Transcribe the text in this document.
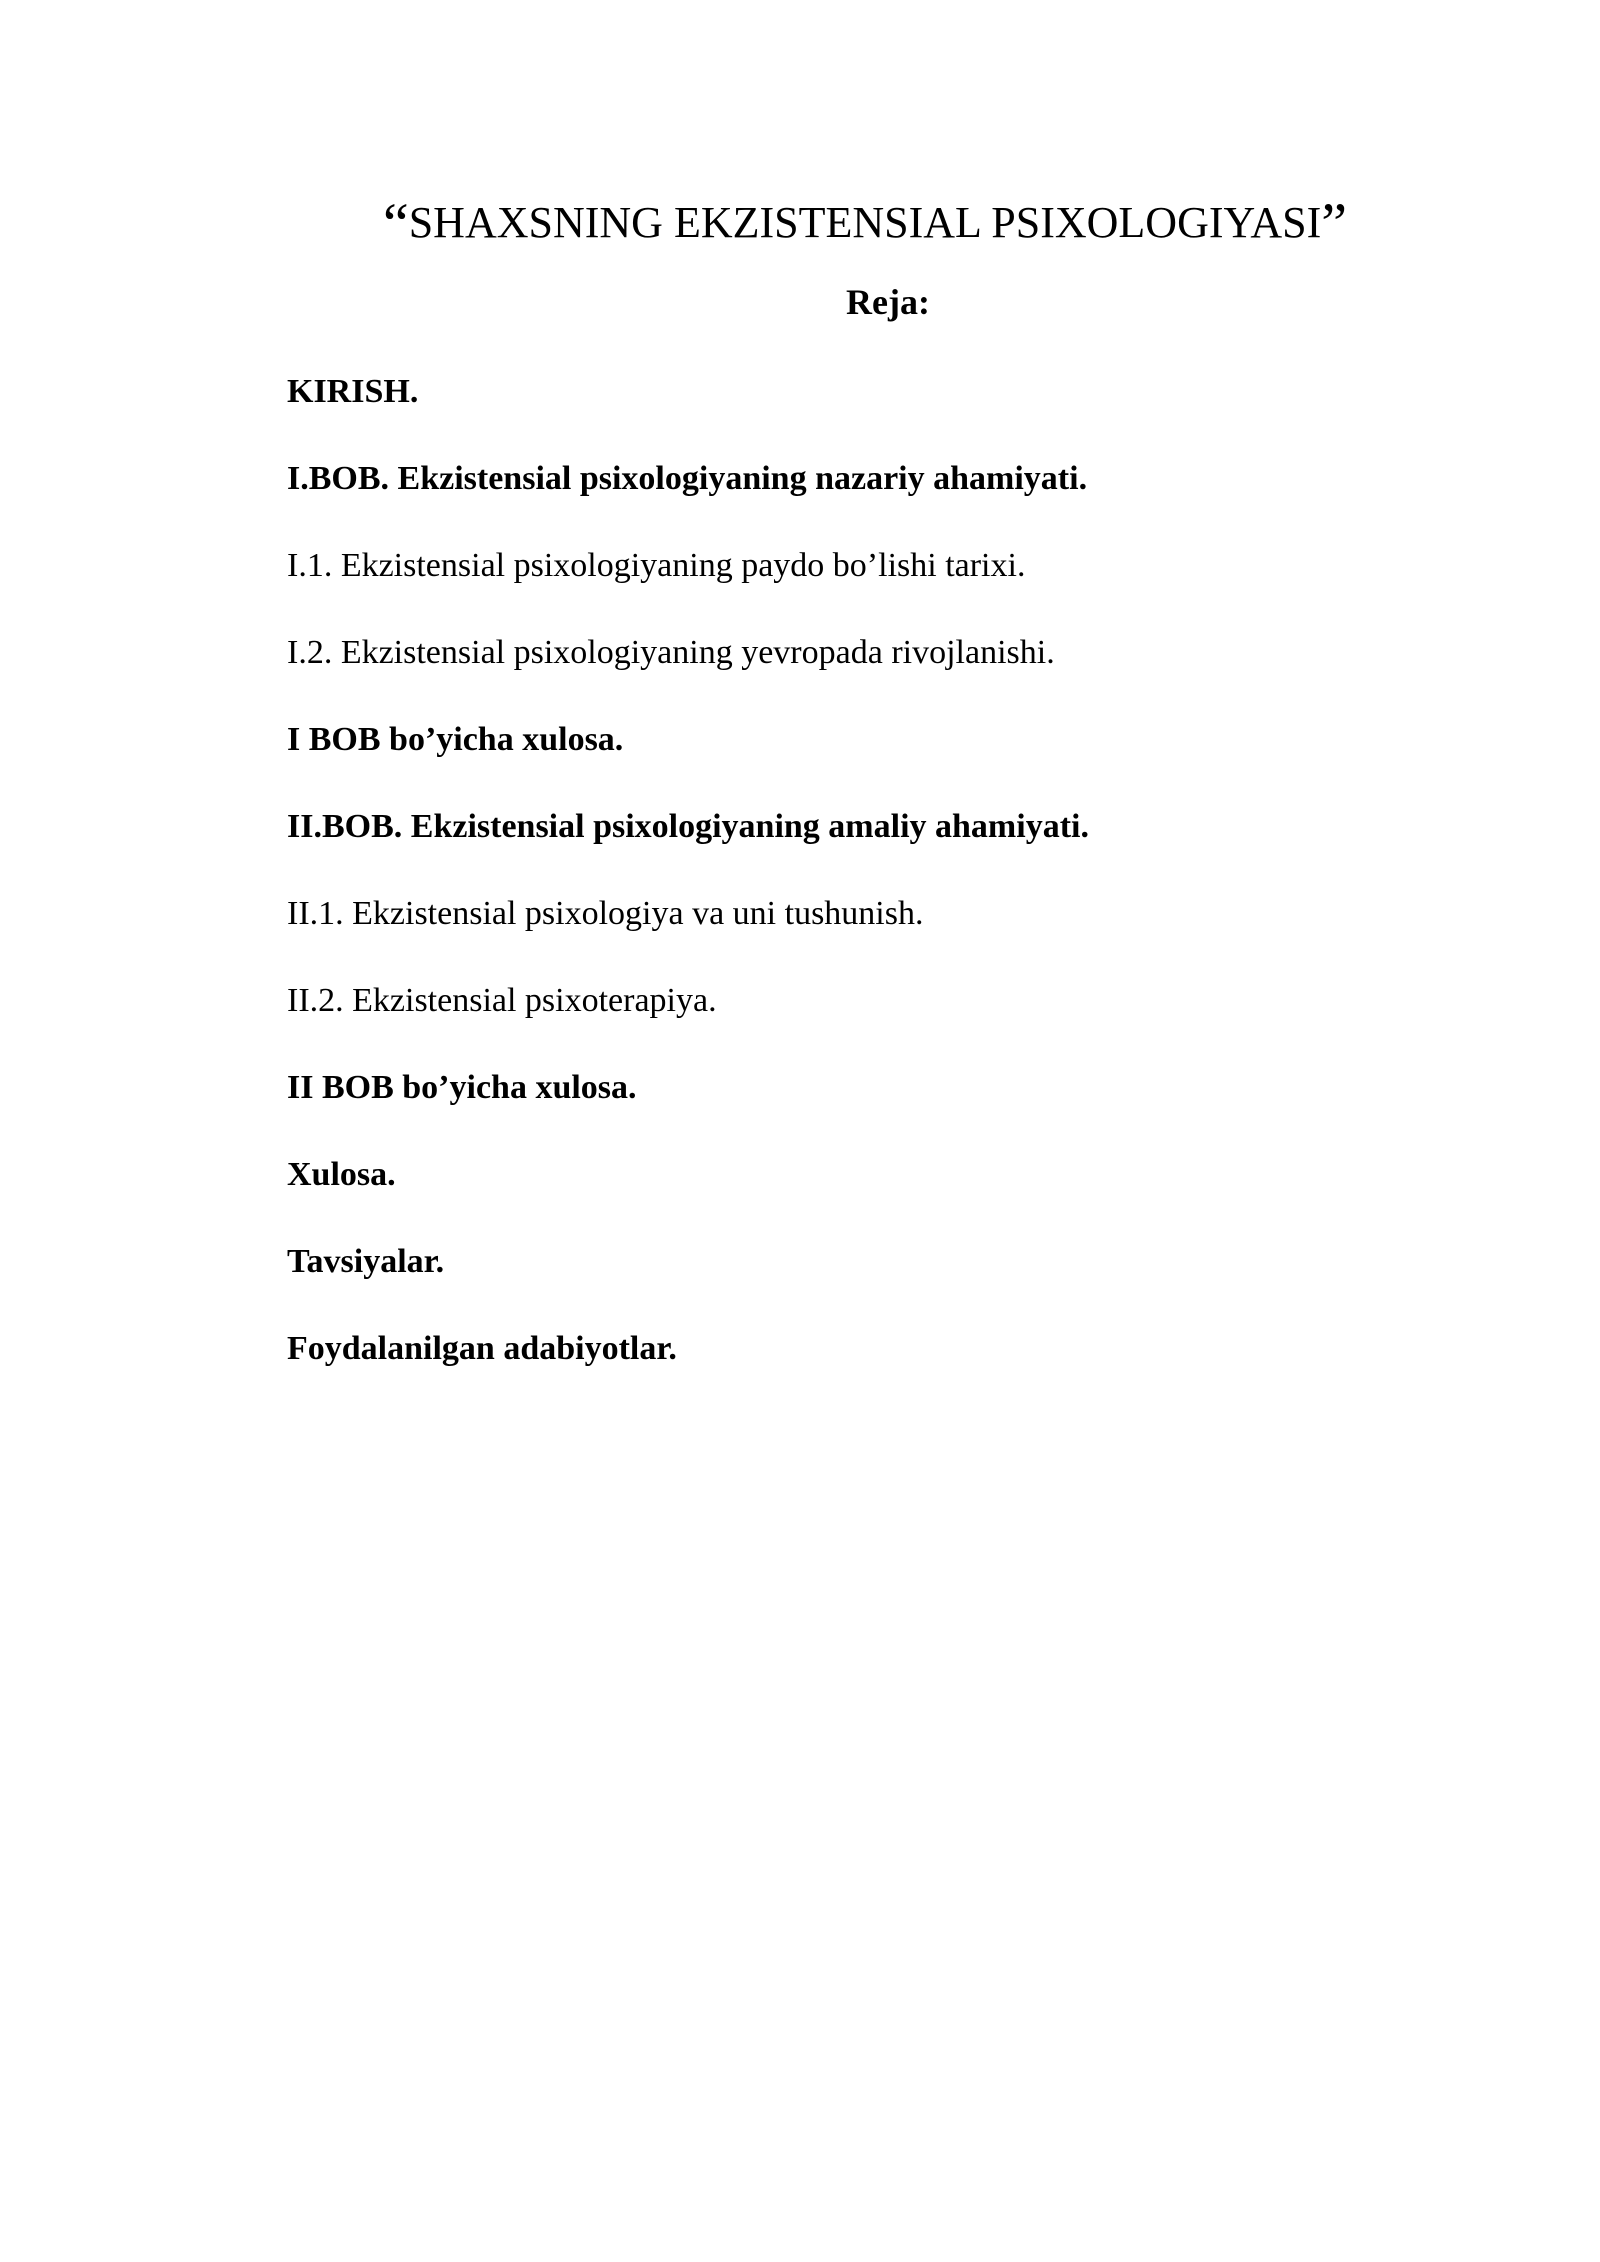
“SHAXSNING EKZISTENSIAL PSIXOLOGIYASI”
Reja:
KIRISH.
I.BOB. Ekzistensial psixologiyaning nazariy ahamiyati.
I.1. Ekzistensial psixologiyaning paydo bo’lishi tarixi.
I.2. Ekzistensial psixologiyaning yevropada rivojlanishi.
I BOB bo’yicha xulosa.
II.BOB. Ekzistensial psixologiyaning amaliy ahamiyati.
II.1. Ekzistensial psixologiya va uni tushunish.
II.2. Ekzistensial psixoterapiya.
II BOB bo’yicha xulosa.
Xulosa.
Tavsiyalar.
Foydalanilgan adabiyotlar.
